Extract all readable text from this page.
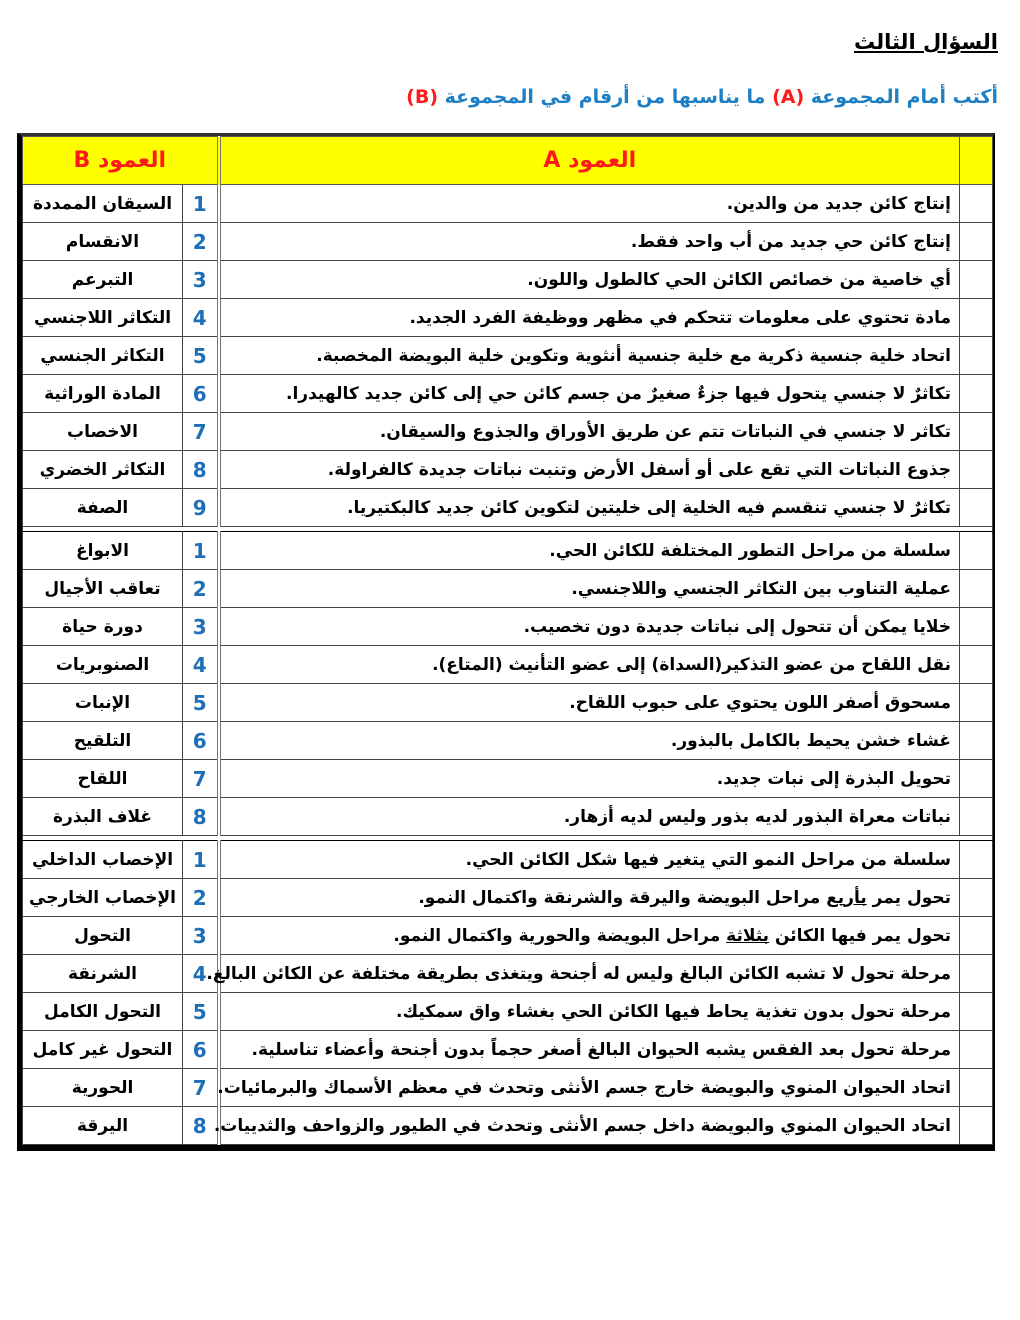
السؤال الثالث
أكتب أمام المجموعة (A) ما يناسبها من أرقام في المجموعة (B)
	العمود A	العمود B	
	إنتاج كائن جديد من والدين.	1	السيقان الممددة
	إنتاج كائن حي جديد من أب واحد فقط.	2	الانقسام
	أي خاصية من خصائص الكائن الحي كالطول واللون.	3	التبرعم
	مادة تحتوي على معلومات تتحكم في مظهر ووظيفة الفرد الجديد.	4	التكاثر اللاجنسي
	اتحاد خلية جنسية ذكرية مع خلية جنسية أنثوية وتكوين خلية البويضة المخصبة.	5	التكاثر الجنسي
	تكاثرٌ لا جنسي يتحول فيها جزءٌ صغيرٌ من جسم كائن حي إلى كائن جديد كالهيدرا.	6	المادة الوراثية
	تكاثر لا جنسي في النباتات تتم عن طريق الأوراق والجذوع والسيقان.	7	الاخصاب
	جذوع النباتات التي تقع على أو أسفل الأرض وتنبت نباتات جديدة كالفراولة.	8	التكاثر الخضري
	تكاثرٌ لا جنسي تنقسم فيه الخلية إلى خليتين لتكوين كائن جديد كالبكتيريا.	9	الصفة

	سلسلة من مراحل التطور المختلفة للكائن الحي.	1	الابواغ
	عملية التناوب بين التكاثر الجنسي واللاجنسي.	2	تعاقب الأجيال
	خلايا يمكن أن تتحول إلى نباتات جديدة دون تخصيب.	3	دورة حياة
	نقل اللقاح من عضو التذكير(السداة) إلى عضو التأنيث (المتاع).	4	الصنوبريات
	مسحوق أصفر اللون يحتوي على حبوب اللقاح.	5	الإنبات
	غشاء خشن يحيط بالكامل بالبذور.	6	التلقيح
	تحويل البذرة إلى نبات جديد.	7	اللقاح
	نباتات معراة البذور لديه بذور وليس لديه أزهار.	8	غلاف البذرة

	سلسلة من مراحل النمو التي يتغير فيها شكل الكائن الحي.	1	الإخصاب الداخلي
	تحول يمر بأربع مراحل البويضة واليرقة والشرنقة واكتمال النمو.	2	الإخصاب الخارجي
	تحول يمر فيها الكائن بثلاثة مراحل البويضة والحورية واكتمال النمو.	3	التحول
	مرحلة تحول لا تشبه الكائن البالغ وليس له أجنحة ويتغذى بطريقة مختلفة عن الكائن البالغ.	4	الشرنقة
	مرحلة تحول بدون تغذية يحاط فيها الكائن الحي بغشاء واق سمكيك.	5	التحول الكامل
	مرحلة تحول بعد الفقس يشبه الحيوان البالغ أصغر حجماً بدون أجنحة وأعضاء تناسلية.	6	التحول غير كامل
	اتحاد الحيوان المنوي والبويضة خارج جسم الأنثى وتحدث في معظم الأسماك والبرمائيات.	7	الحورية
	اتحاد الحيوان المنوي والبويضة داخل جسم الأنثى وتحدث في الطيور والزواحف والثدييات.	8	اليرقة
